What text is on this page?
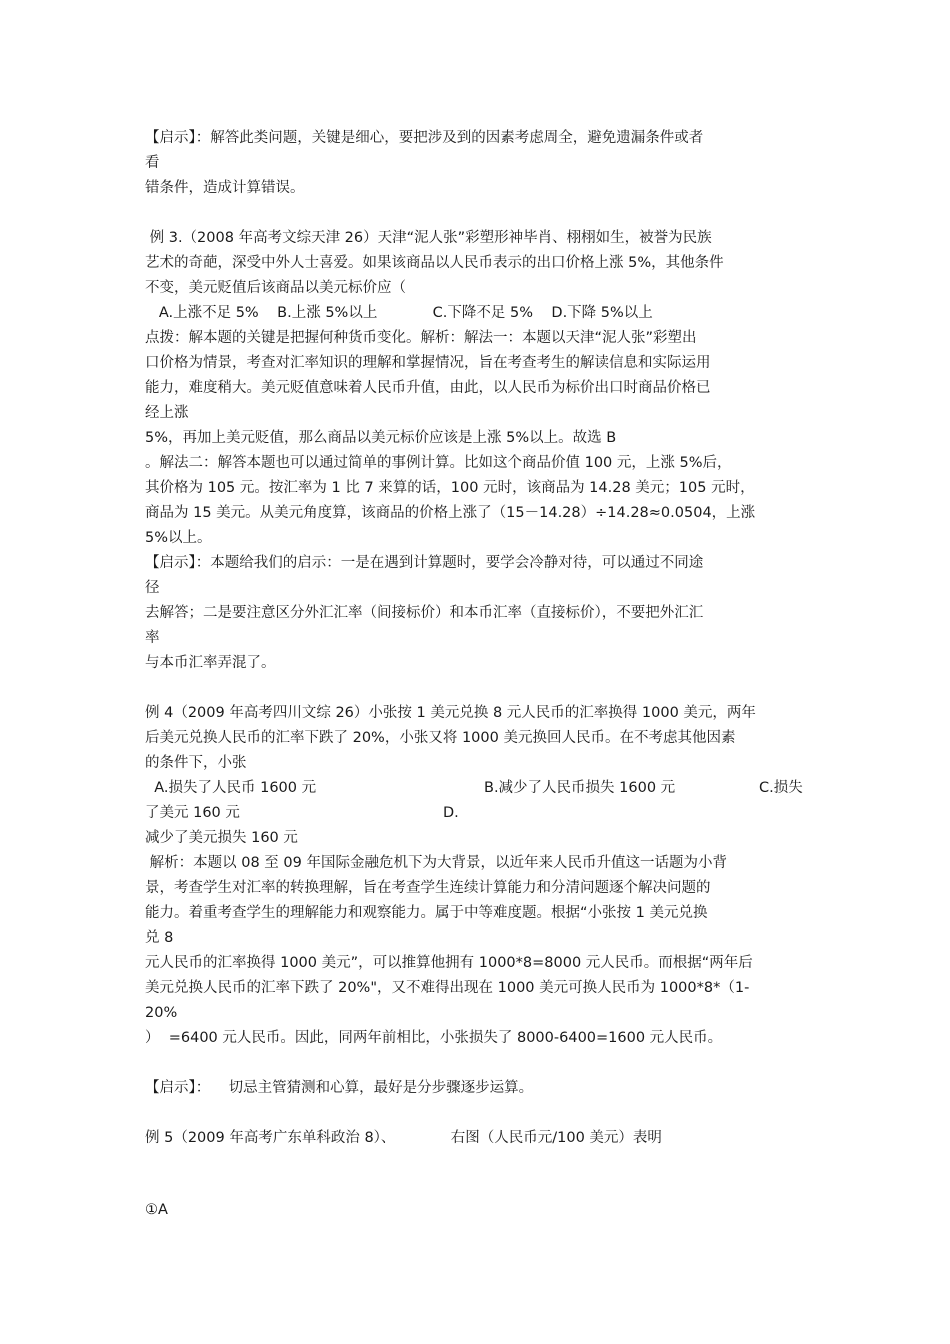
【启示】：解答此类问题，关键是细心，要把涉及到的因素考虑周全，避免遗漏条件或者
看
错条件，造成计算错误。
例 3.（2008 年高考文综天津 26）天津“泥人张”彩塑形神毕肖、栩栩如生，被誉为民族
艺术的奇葩，深受中外人士喜爱。如果该商品以人民币表示的出口价格上涨 5%，其他条件
不变，美元贬值后该商品以美元标价应（
A.上涨不足 5%    B.上涨 5%以上            C.下降不足 5%    D.下降 5%以上
点拨：解本题的关键是把握何种货币变化。解析：解法一：本题以天津“泥人张”彩塑出
口价格为情景，考查对汇率知识的理解和掌握情况，旨在考查考生的解读信息和实际运用
能力，难度稍大。美元贬值意味着人民币升值，由此，以人民币为标价出口时商品价格已
经上涨
5%，再加上美元贬值，那么商品以美元标价应该是上涨 5%以上。故选 B
。解法二：解答本题也可以通过简单的事例计算。比如这个商品价值 100 元，上涨 5%后，
其价格为 105 元。按汇率为 1 比 7 来算的话，100 元时，该商品为 14.28 美元；105 元时，
商品为 15 美元。从美元角度算，该商品的价格上涨了（15－14.28）÷14.28≈0.0504，上涨
5%以上。
【启示】：本题给我们的启示：一是在遇到计算题时，要学会冷静对待，可以通过不同途
径
去解答；二是要注意区分外汇汇率（间接标价）和本币汇率（直接标价），不要把外汇汇
率
与本币汇率弄混了。
例 4（2009 年高考四川文综 26）小张按 1 美元兑换 8 元人民币的汇率换得 1000 美元，两年
后美元兑换人民币的汇率下跌了 20%，小张又将 1000 美元换回人民币。在不考虑其他因素
的条件下，小张
A.损失了人民币 1600 元	B.减少了人民币损失 1600 元	C.损失
了美元 160 元	D.
减少了美元损失 160 元
解析：本题以 08 至 09 年国际金融危机下为大背景，以近年来人民币升值这一话题为小背
景，考查学生对汇率的转换理解，旨在考查学生连续计算能力和分清问题逐个解决问题的
能力。着重考查学生的理解能力和观察能力。属于中等难度题。根据“小张按 1 美元兑换
兑 8
元人民币的汇率换得 1000 美元”，可以推算他拥有 1000*8=8000 元人民币。而根据“两年后
美元兑换人民币的汇率下跌了 20%"，又不难得出现在 1000 美元可换人民币为 1000*8*（1-
20%
）  =6400 元人民币。因此，同两年前相比，小张损失了 8000-6400=1600 元人民币。
【启示】：    切忌主管猜测和心算，最好是分步骤逐步运算。
例 5（2009 年高考广东单科政治 8）、            右图（人民币元/100 美元）表明
①A
